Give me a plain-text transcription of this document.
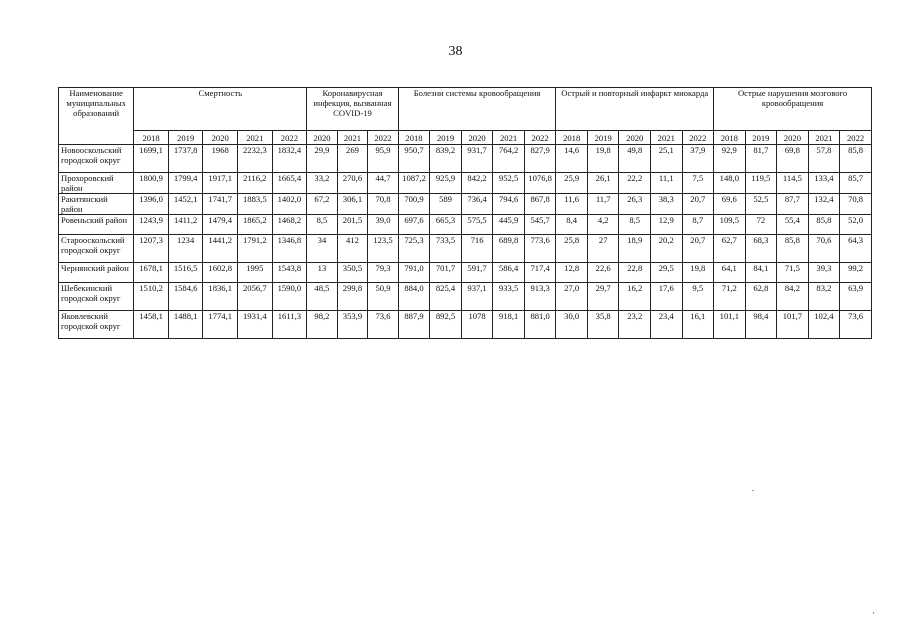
38
Наименование муниципальных образований	Смертность					Коронавирусная инфекция, вызванная COVID-19			Болезни системы кровообращения					Острый и повторный инфаркт миокарда					Острые нарушения мозгового кровообращения				
	2018	2019	2020	2021	2022	2020	2021	2022	2018	2019	2020	2021	2022	2018	2019	2020	2021	2022	2018	2019	2020	2021	2022
Новооскольский городской округ	1699,1	1737,8	1968	2232,3	1832,4	29,9	269	95,9	950,7	839,2	931,7	764,2	827,9	14,6	19,8	49,8	25,1	37,9	92,9	81,7	69,8	57,8	85,8
Прохоровский район	1800,9	1799,4	1917,1	2116,2	1665,4	33,2	270,6	44,7	1087,2	925,9	842,2	952,5	1076,8	25,9	26,1	22,2	11,1	7,5	148,0	119,5	114,5	133,4	85,7
Ракитянский район	1396,0	1452,1	1741,7	1883,5	1402,0	67,2	306,1	70,8	700,9	589	736,4	794,6	867,8	11,6	11,7	26,3	38,3	20,7	69,6	52,5	87,7	132,4	70,8
Ровеньский район	1243,9	1411,2	1479,4	1865,2	1468,2	8,5	201,5	39,0	697,6	665,3	575,5	445,9	545,7	8,4	4,2	8,5	12,9	8,7	109,5	72	55,4	85,8	52,0
Старооскольский городской округ	1207,3	1234	1441,2	1791,2	1346,8	34	412	123,5	725,3	733,5	716	689,8	773,6	25,8	27	18,9	20,2	20,7	62,7	68,3	85,8	70,6	64,3
Чернянский район	1678,1	1516,5	1602,8	1995	1543,8	13	350,5	79,3	791,0	701,7	591,7	586,4	717,4	12,8	22,6	22,8	29,5	19,8	64,1	84,1	71,5	39,3	99,2
Шебекинский городской округ	1510,2	1584,6	1836,1	2056,7	1590,0	48,5	299,8	50,9	884,0	825,4	937,1	933,5	913,3	27,0	29,7	16,2	17,6	9,5	71,2	62,8	84,2	83,2	63,9
Яковлевский городской округ	1458,1	1488,1	1774,1	1931,4	1611,3	98,2	353,9	73,6	887,9	892,5	1078	918,1	881,0	30,0	35,8	23,2	23,4	16,1	101,1	98,4	101,7	102,4	73,6
